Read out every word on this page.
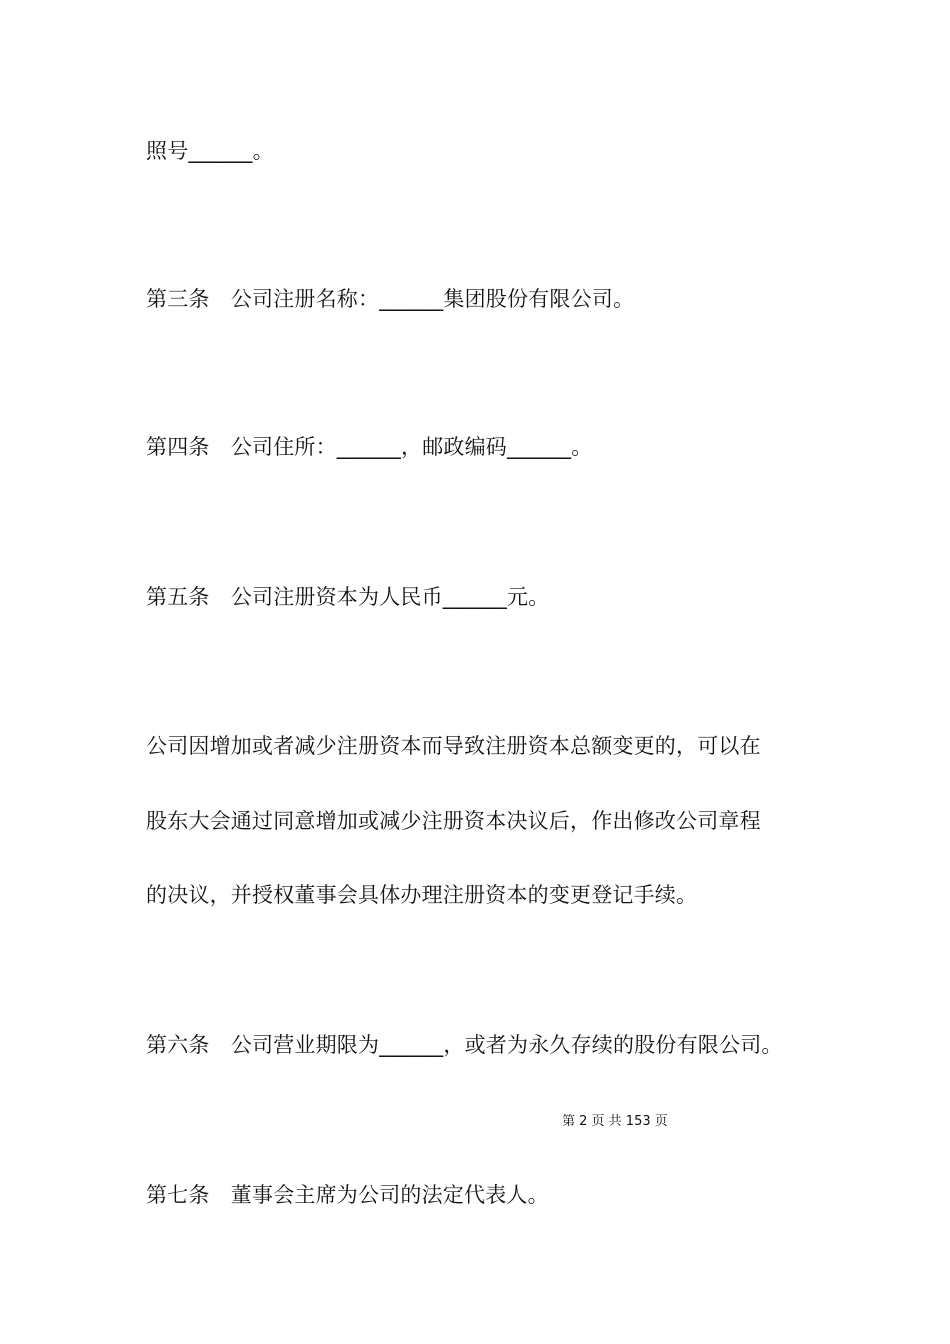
照号______。
第三条　公司注册名称：______集团股份有限公司。
第四条　公司住所：______，邮政编码______。
第五条　公司注册资本为人民币______元。
公司因增加或者减少注册资本而导致注册资本总额变更的，可以在
股东大会通过同意增加或减少注册资本决议后，作出修改公司章程
的决议，并授权董事会具体办理注册资本的变更登记手续。
第六条　公司营业期限为______，或者为永久存续的股份有限公司。
第 2 页 共 153 页
第七条　董事会主席为公司的法定代表人。
